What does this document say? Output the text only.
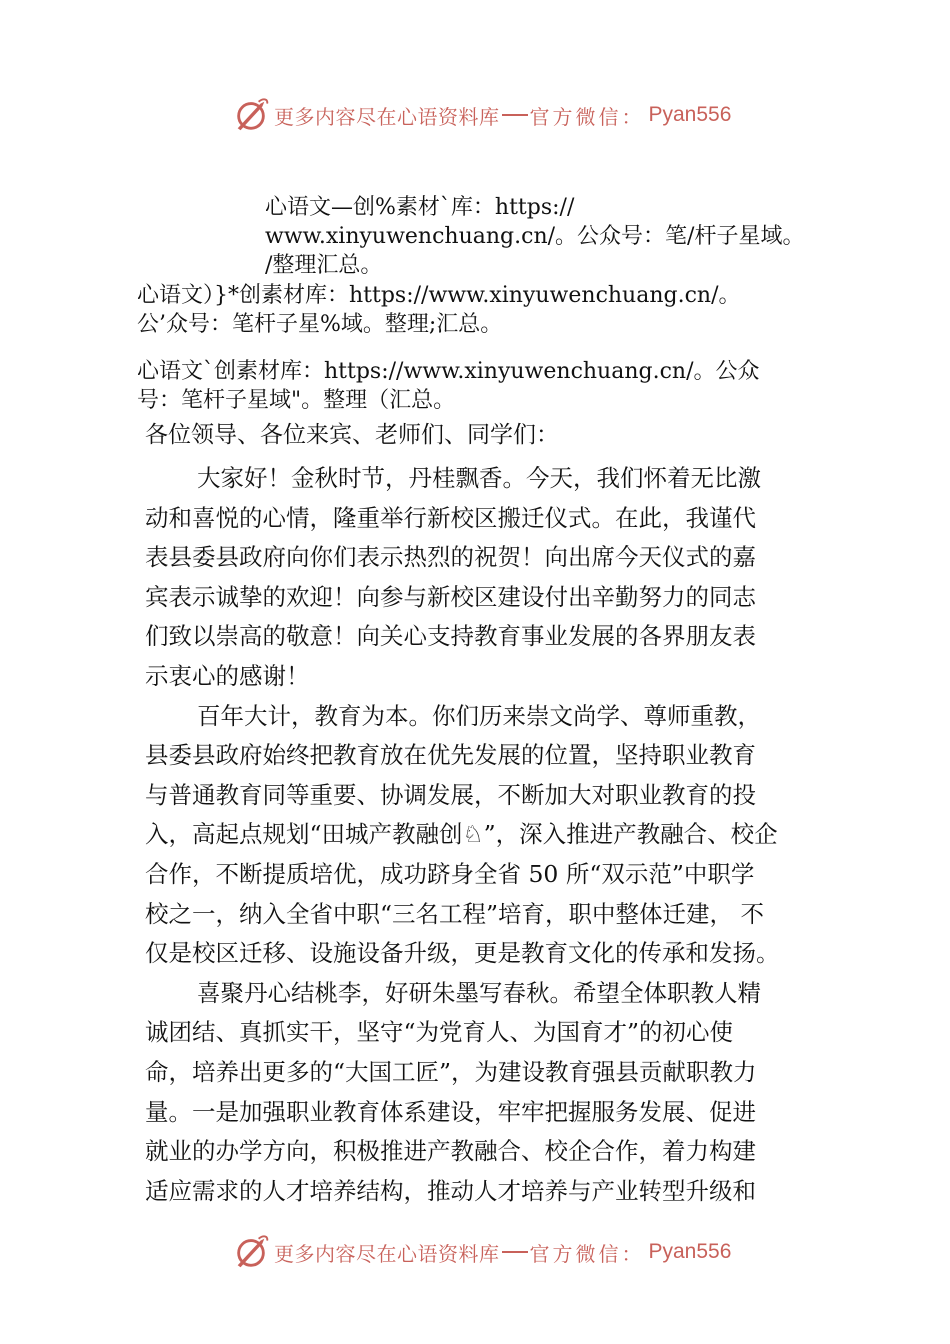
更多内容尽在心语资料库 官方微信： Pyan556
心语文—创%素材`库：https://
www.xinyuwenchuang.cn/。公众号：笔/杆子星域。
/整理汇总。
心语文）}*创素材库：https://www.xinyuwenchuang.cn/。
公’众号：笔杆子星%域。整理;汇总。
心语文`创素材库：https://www.xinyuwenchuang.cn/。公众
号：笔杆子星域"。整理（汇总。
各位领导、各位来宾、老师们、同学们：
大家好！金秋时节，丹桂飘香。今天，我们怀着无比激
动和喜悦的心情，隆重举行新校区搬迁仪式。在此，我谨代
表县委县政府向你们表示热烈的祝贺！向出席今天仪式的嘉
宾表示诚挚的欢迎！向参与新校区建设付出辛勤努力的同志
们致以崇高的敬意！向关心支持教育事业发展的各界朋友表
示衷心的感谢！
百年大计，教育为本。你们历来崇文尚学、尊师重教，
县委县政府始终把教育放在优先发展的位置，坚持职业教育
与普通教育同等重要、协调发展，不断加大对职业教育的投
入，高起点规划“田城产教融创♘”，深入推进产教融合、校企
合作，不断提质培优，成功跻身全省 50 所“双示范”中职学
校之一，纳入全省中职“三名工程”培育，职中整体迁建， 不
仅是校区迁移、设施设备升级，更是教育文化的传承和发扬。
喜聚丹心结桃李，好研朱墨写春秋。希望全体职教人精
诚团结、真抓实干，坚守“为党育人、为国育才”的初心使
命，培养出更多的“大国工匠”，为建设教育强县贡献职教力
量。一是加强职业教育体系建设，牢牢把握服务发展、促进
就业的办学方向，积极推进产教融合、校企合作，着力构建
适应需求的人才培养结构，推动人才培养与产业转型升级和
更多内容尽在心语资料库 官方微信： Pyan556
